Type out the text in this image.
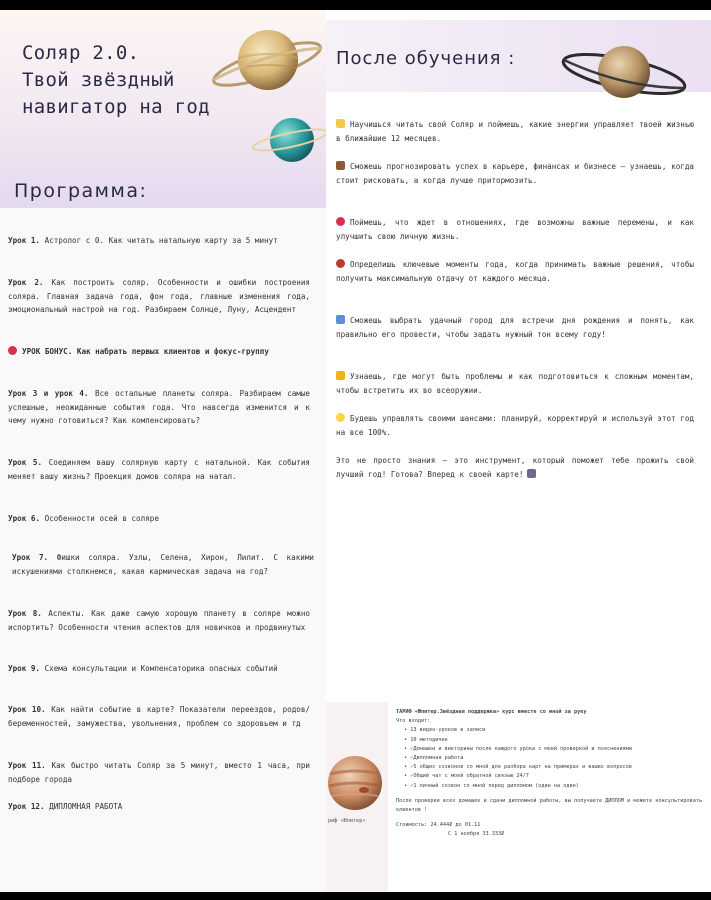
Соляр 2.0.
Твой звёздный
навигатор на год
Программа:
Урок 1. Астролог с 0. Как читать натальную карту за 5 минут
Урок 2. Как построить соляр. Особенности и ошибки построения соляра. Главная задача года, фон года, главные изменения года, эмоциональный настрой на год. Разбираем Солнце, Луну, Асцендент
УРОК БОНУС. Как набрать первых клиентов и фокус-группу
Урок 3 и урок 4. Все остальные планеты соляра. Разбираем самые успешные, неожиданные события года. Что навсегда изменится и к чему нужно готовиться? Как компенсировать?
Урок 5. Соединяем вашу солярную карту с натальной. Как события меняет вашу жизнь? Проекция домов соляра на натал.
Урок 6. Особенности осей в соляре
Урок 7. Фишки соляра. Узлы, Селена, Хирон, Лилит. С какими искушениями столкнемся, какая кармическая задача на год?
Урок 8. Аспекты. Как даже самую хорошую планету в соляре можно испортить? Особенности чтения аспектов для новичков и продвинутых
Урок 9. Схема консультации и Компенсаторика опасных событий
Урок 10. Как найти событие в карте? Показатели переездов, родов/беременностей, замужества, увольнения, проблем со здоровьем и тд
Урок 11. Как быстро читать Соляр за 5 минут, вместо 1 часа, при подборе города
Урок 12. ДИПЛОМНАЯ РАБОТА
После обучения :
Научишься читать свой Соляр и поймешь, какие энергии управляет твоей жизнью в ближайшие 12 месяцев.
Сможешь прогнозировать успех в карьере, финансах и бизнесе — узнаешь, когда стоит рисковать, а когда лучше притормозить.
Поймешь, что ждет в отношениях, где возможны важные перемены, и как улучшить свою личную жизнь.
Определишь ключевые моменты года, когда принимать важные решения, чтобы получить максимальную отдачу от каждого месяца.
Сможешь выбрать удачный город для встречи дня рождения и понять, как правильно его провести, чтобы задать нужный тон всему году!
Узнаешь, где могут быть проблемы и как подготовиться к сложным моментам, чтобы встретить их во всеоружии.
Будешь управлять своими шансами: планируй, корректируй и используй этот год на все 100%.
Это не просто знания — это инструмент, который поможет тебе прожить свой лучший год! Готова? Вперед к своей карте!
риф «Юпитер»
ТАРИФ «Юпитер.Звёздная поддержка» курс вместе со мной за руку
Что входит:
• 13 видео-уроков в записи
• 10 методичек
• ✓Домашки и викторины после каждого урока с моей проверкой и пояснениями
• ✓Дипломная работа
• ✓5 общих созвонов со мной для разбора карт на примерах и ваших вопросов
• ✓Общий чат с моей обратной связью 24/7
• ✓1 личный созвон со мной перед дипломом (один на один)
После проверки всех домашек и сдачи дипломной работы, вы получаете ДИПЛОМ и можете консультировать клиентов !
Стоимость: 24.444₽ до 01.11
С 1 ноября 33.333₽
